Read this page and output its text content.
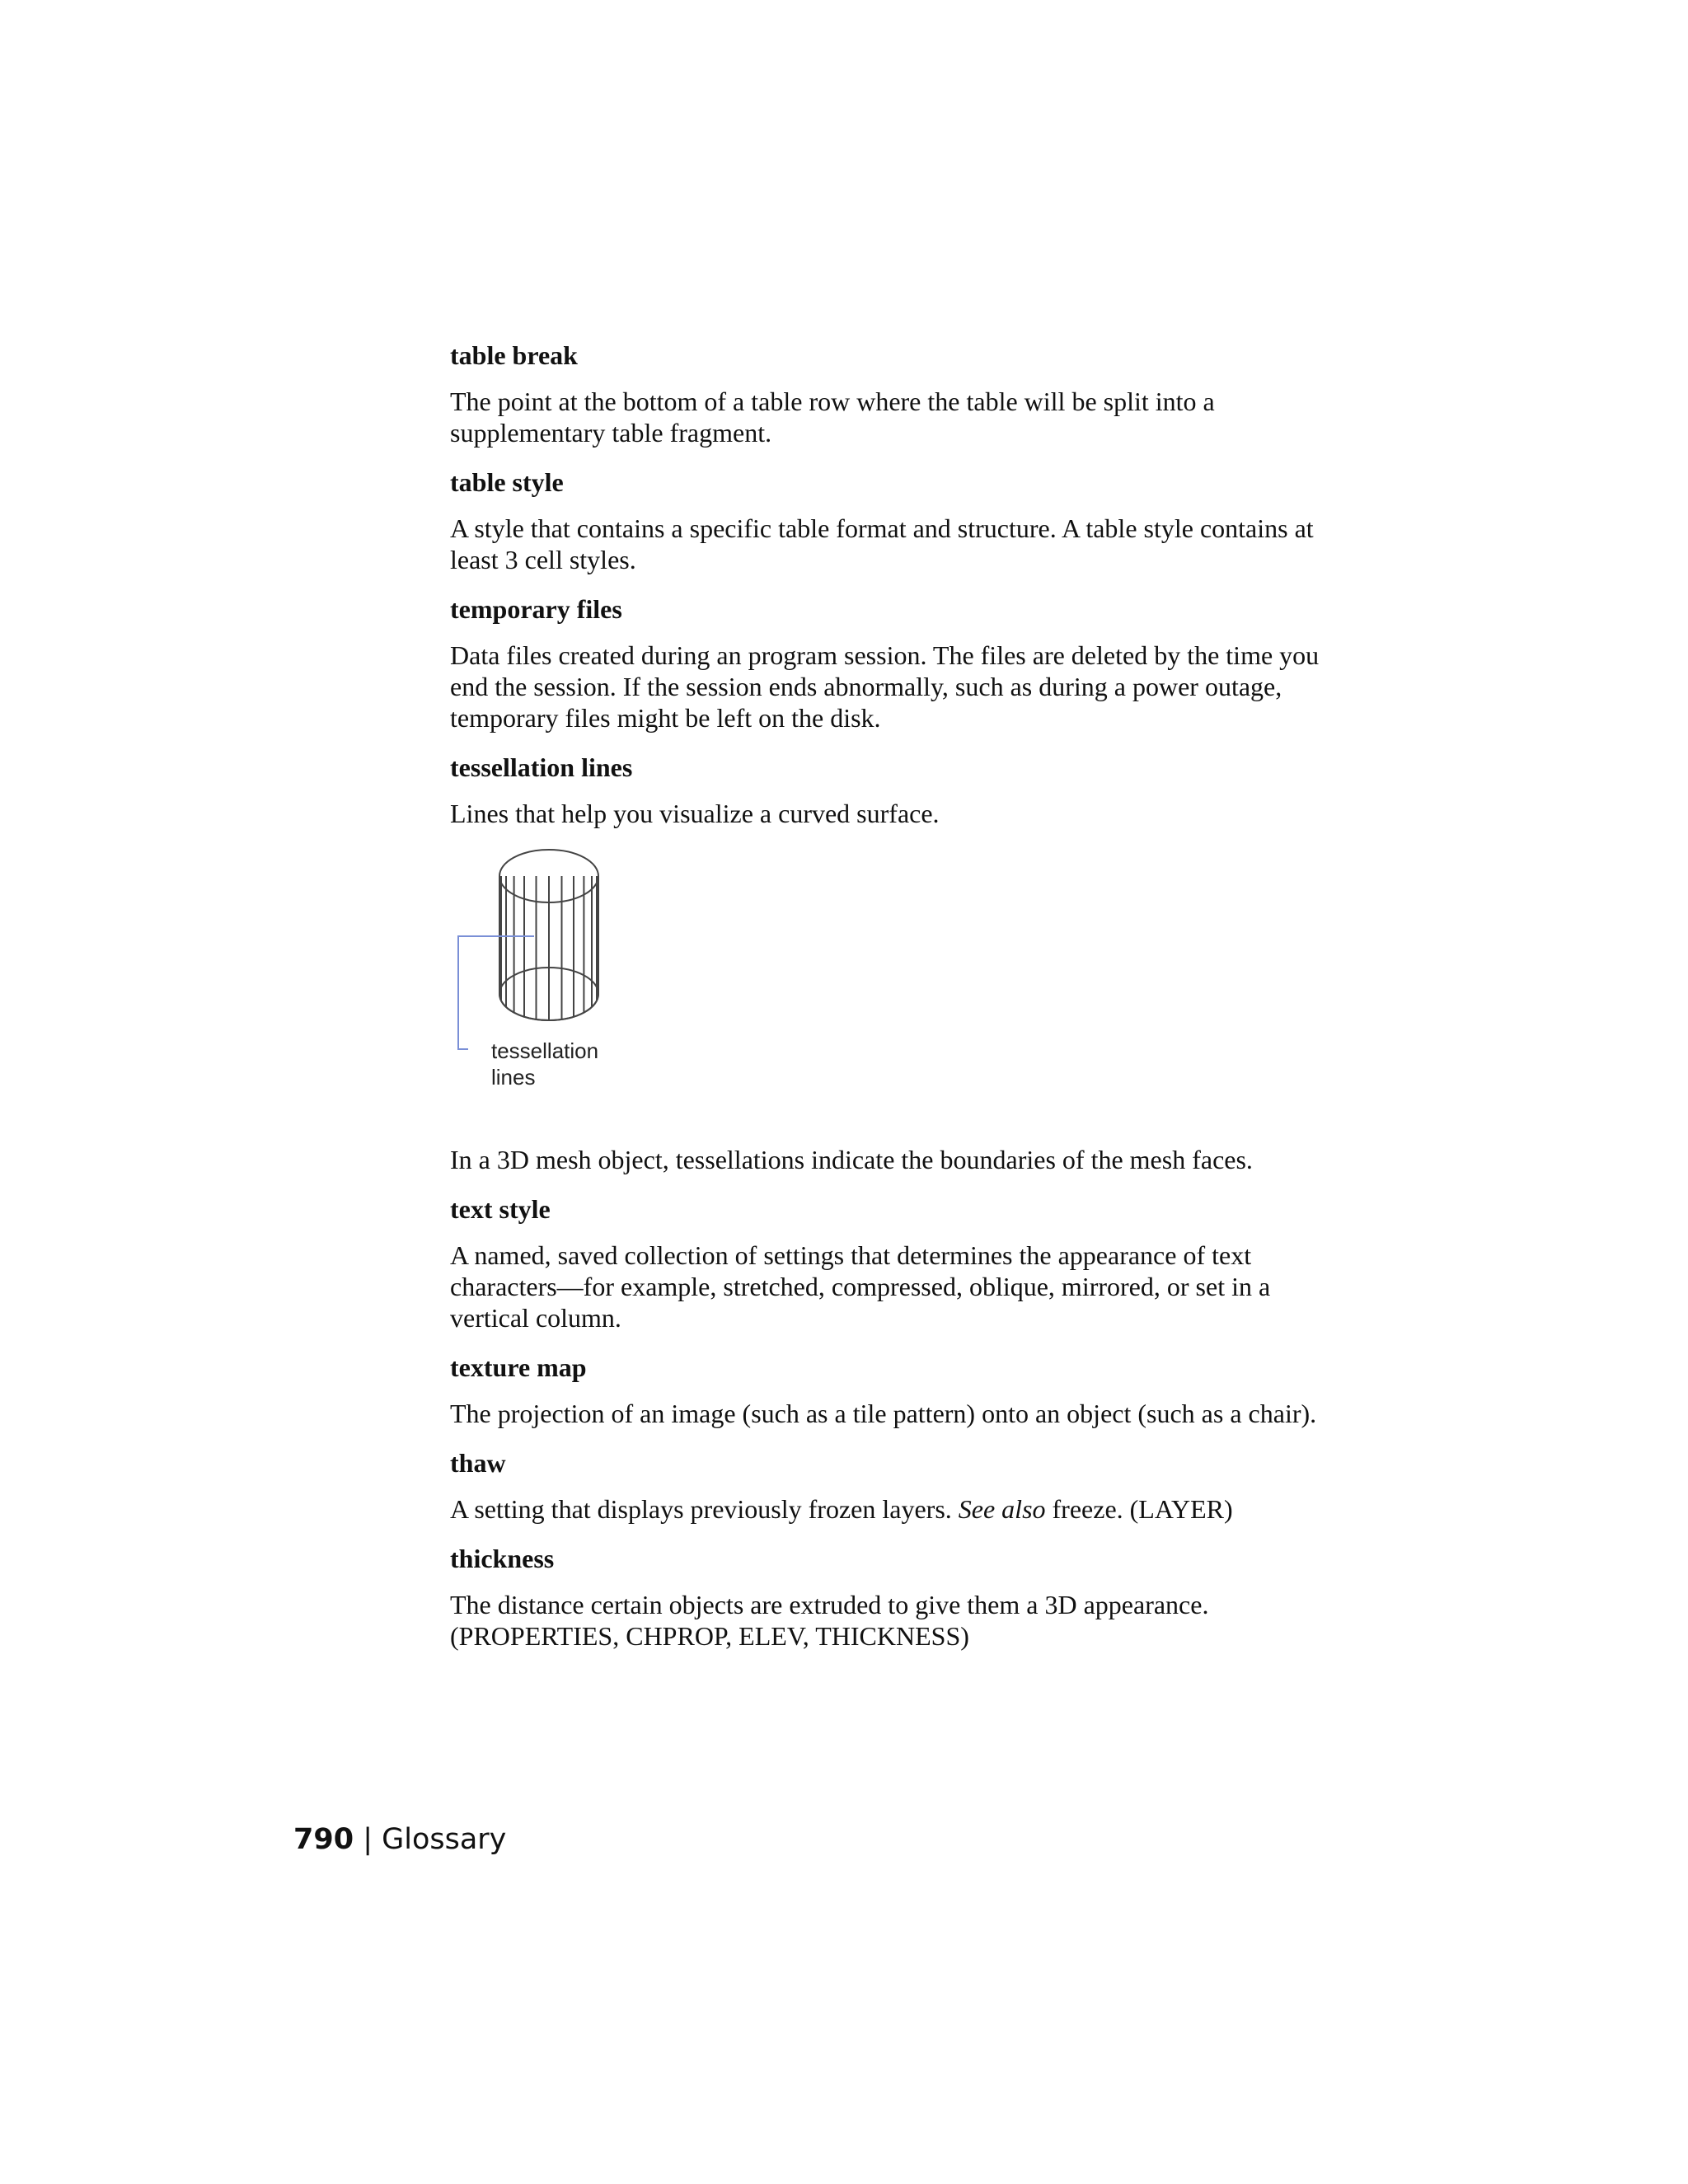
table break

The point at the bottom of a table row where the table will be split into a supplementary table fragment.

table style

A style that contains a specific table format and structure. A table style contains at least 3 cell styles.

temporary files

Data files created during an program session. The files are deleted by the time you end the session. If the session ends abnormally, such as during a power outage, temporary files might be left on the disk.

tessellation lines

Lines that help you visualize a curved surface.

tessellation

lines

In a 3D mesh object, tessellations indicate the boundaries of the mesh faces.

text style

A named, saved collection of settings that determines the appearance of text characters—for example, stretched, compressed, oblique, mirrored, or set in a vertical column.

texture map

The projection of an image (such as a tile pattern) onto an object (such as a chair).

thaw

A setting that displays previously frozen layers. See also freeze. (LAYER)

thickness

The distance certain objects are extruded to give them a 3D appearance. (PROPERTIES, CHPROP, ELEV, THICKNESS)

790 | Glossary
